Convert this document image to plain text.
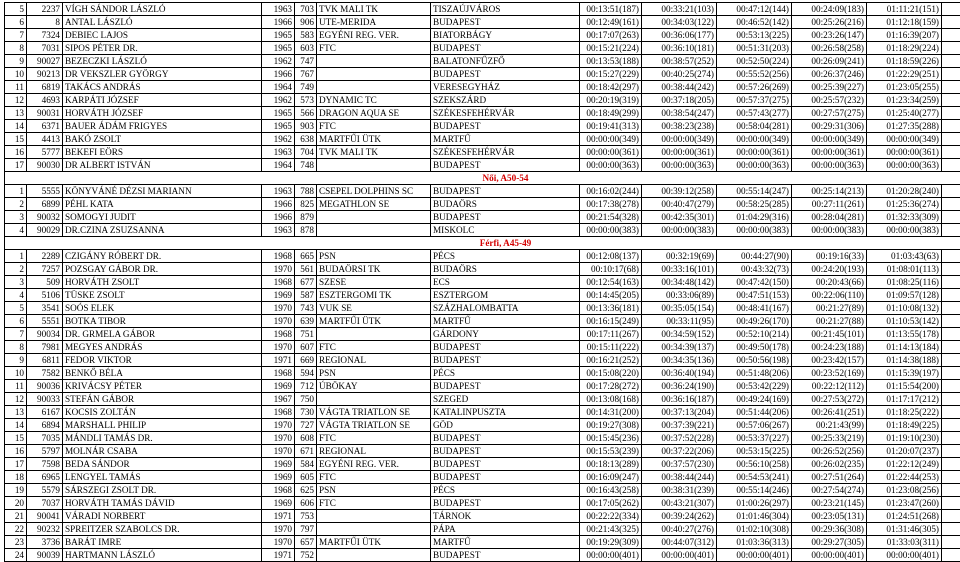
5	2237	VÍGH SÁNDOR LÁSZLÓ	1963	703	TVK MALI TK	TISZAÚJVÁROS	00:13:51(187)	00:33:21(103)	00:47:12(144)	00:24:09(183)	01:11:21(151)	
6	8	ANTAL LÁSZLÓ	1966	906	UTE-MERIDA	BUDAPEST	00:12:49(161)	00:34:03(122)	00:46:52(142)	00:25:26(216)	01:12:18(159)	
7	7324	DEBIEC LAJOS	1965	583	EGYÉNI REG. VER.	BIATORBÁGY	00:17:07(263)	00:36:06(177)	00:53:13(225)	00:23:26(147)	01:16:39(207)	
8	7031	SIPOS PÉTER DR.	1965	603	FTC	BUDAPEST	00:15:21(224)	00:36:10(181)	00:51:31(203)	00:26:58(258)	01:18:29(224)	
9	90027	BEZECZKI LÁSZLÓ	1962	747		BALATONFŰZFŐ	00:13:53(188)	00:38:57(252)	00:52:50(224)	00:26:09(241)	01:18:59(226)	
10	90213	DR VEKSZLER GYÖRGY	1966	767		BUDAPEST	00:15:27(229)	00:40:25(274)	00:55:52(256)	00:26:37(246)	01:22:29(251)	
11	6819	TAKÁCS ANDRÁS	1964	749		VERESEGYHÁZ	00:18:42(297)	00:38:44(242)	00:57:26(269)	00:25:39(227)	01:23:05(255)	
12	4693	KARPÁTI JÓZSEF	1962	573	DYNAMIC TC	SZEKSZÁRD	00:20:19(319)	00:37:18(205)	00:57:37(275)	00:25:57(232)	01:23:34(259)	
13	90031	HORVÁTH JÓZSEF	1965	566	DRAGON AQUA SE	SZÉKESFEHÉRVÁR	00:18:49(299)	00:38:54(247)	00:57:43(277)	00:27:57(275)	01:25:40(277)	
14	6371	BAUER ÁDÁM FRIGYES	1965	903	FTC	BUDAPEST	00:19:41(313)	00:38:23(238)	00:58:04(281)	00:29:31(306)	01:27:35(288)	
15	4413	BAKÓ ZSOLT	1962	638	MARTFŰI ÜTK	MARTFŰ	00:00:00(349)	00:00:00(349)	00:00:00(349)	00:00:00(349)	00:00:00(349)	
16	5777	BEKEFI EÖRS	1963	704	TVK MALI TK	SZÉKESFEHÉRVÁR	00:00:00(361)	00:00:00(361)	00:00:00(361)	00:00:00(361)	00:00:00(361)	
17	90030	DR ALBERT ISTVÁN	1964	748		BUDAPEST	00:00:00(363)	00:00:00(363)	00:00:00(363)	00:00:00(363)	00:00:00(363)	
Női, A50-54												
1	5555	KÖNYVÁNÉ DÉZSI MARIANN	1963	788	CSEPEL DOLPHINS SC	BUDAPEST	00:16:02(244)	00:39:12(258)	00:55:14(247)	00:25:14(213)	01:20:28(240)	
2	6899	PÉHL KATA	1966	825	MEGATHLON SE	BUDAÖRS	00:17:38(278)	00:40:47(279)	00:58:25(285)	00:27:11(261)	01:25:36(274)	
3	90032	SOMOGYI JUDIT	1966	879		BUDAPEST	00:21:54(328)	00:42:35(301)	01:04:29(316)	00:28:04(281)	01:32:33(309)	
4	90029	DR.CZINA ZSUZSANNA	1963	878		MISKOLC	00:00:00(383)	00:00:00(383)	00:00:00(383)	00:00:00(383)	00:00:00(383)	
Férfi, A45-49												
1	2289	CZIGÁNY RÓBERT DR.	1968	665	PSN	PÉCS	00:12:08(137)	00:32:19(69)	00:44:27(90)	00:19:16(33)	01:03:43(63)	
2	7257	POZSGAY GÁBOR DR.	1970	561	BUDAÖRSI TK	BUDAÖRS	00:10:17(68)	00:33:16(101)	00:43:32(73)	00:24:20(193)	01:08:01(113)	
3	509	HORVÁTH ZSOLT	1968	677	SZESE	ECS	00:12:54(163)	00:34:48(142)	00:47:42(150)	00:20:43(66)	01:08:25(116)	
4	5106	TÜSKE ZSOLT	1969	587	ESZTERGOMI TK	ESZTERGOM	00:14:45(205)	00:33:06(89)	00:47:51(153)	00:22:06(110)	01:09:57(128)	
5	3541	SOÓS ELEK	1970	743	VUK SE	SZÁZHALOMBATTA	00:13:36(181)	00:35:05(154)	00:48:41(167)	00:21:27(89)	01:10:08(132)	
6	5551	BOTKA TIBOR	1970	639	MARTFŰI ÜTK	MARTFŰ	00:16:15(249)	00:33:11(95)	00:49:26(170)	00:21:27(88)	01:10:53(142)	
7	90034	DR. GRMELA GÁBOR	1968	751		GÁRDONY	00:17:11(267)	00:34:59(152)	00:52:10(214)	00:21:45(101)	01:13:55(178)	
8	7981	MEGYES ANDRÁS	1970	607	FTC	BUDAPEST	00:15:11(222)	00:34:39(137)	00:49:50(178)	00:24:23(188)	01:14:13(184)	
9	6811	FEDOR VIKTOR	1971	669	REGIONAL	BUDAPEST	00:16:21(252)	00:34:35(136)	00:50:56(198)	00:23:42(157)	01:14:38(188)	
10	7582	BENKŐ BÉLA	1968	594	PSN	PÉCS	00:15:08(220)	00:36:40(194)	00:51:48(206)	00:23:52(169)	01:15:39(197)	
11	90036	KRIVÁCSY PÉTER	1969	712	ÚBÖKAY	BUDAPEST	00:17:28(272)	00:36:24(190)	00:53:42(229)	00:22:12(112)	01:15:54(200)	
12	90033	STEFÁN GÁBOR	1967	750		SZEGED	00:13:08(168)	00:36:16(187)	00:49:24(169)	00:27:53(272)	01:17:17(212)	
13	6167	KOCSIS ZOLTÁN	1968	730	VÁGTA TRIATLON SE	KATALINPUSZTA	00:14:31(200)	00:37:13(204)	00:51:44(206)	00:26:41(251)	01:18:25(222)	
14	6894	MARSHALL PHILIP	1970	727	VÁGTA TRIATLON SE	GÖD	00:19:27(308)	00:37:39(221)	00:57:06(267)	00:21:43(99)	01:18:49(225)	
15	7035	MÁNDLI TAMÁS DR.	1970	608	FTC	BUDAPEST	00:15:45(236)	00:37:52(228)	00:53:37(227)	00:25:33(219)	01:19:10(230)	
16	5797	MOLNÁR CSABA	1970	671	REGIONAL	BUDAPEST	00:15:53(239)	00:37:22(206)	00:53:15(225)	00:26:52(256)	01:20:07(237)	
17	7598	BEDA SÁNDOR	1969	584	EGYÉNI REG. VER.	BUDAPEST	00:18:13(289)	00:37:57(230)	00:56:10(258)	00:26:02(235)	01:22:12(249)	
18	6965	LENGYEL TAMÁS	1969	605	FTC	BUDAPEST	00:16:09(247)	00:38:44(244)	00:54:53(241)	00:27:51(264)	01:22:44(253)	
19	5579	SÁRSZEGI ZSOLT DR.	1968	625	PSN	PÉCS	00:16:43(258)	00:38:31(239)	00:55:14(246)	00:27:54(274)	01:23:08(256)	
20	7037	HORVÁTH TAMÁS DÁVID	1969	606	FTC	BUDAPEST	00:17:05(262)	00:43:21(307)	01:00:26(297)	00:23:21(145)	01:23:47(260)	
21	90041	VÁRADI NORBERT	1971	753		TÁRNOK	00:22:22(334)	00:39:24(262)	01:01:46(304)	00:23:05(131)	01:24:51(268)	
22	90232	SPREITZER SZABOLCS DR.	1970	797		PÁPA	00:21:43(325)	00:40:27(276)	01:02:10(308)	00:29:36(308)	01:31:46(305)	
23	3736	BARÁT IMRE	1970	657	MARTFŰI ÜTK	MARTFŰ	00:19:29(309)	00:44:07(312)	01:03:36(313)	00:29:27(305)	01:33:03(311)	
24	90039	HARTMANN LÁSZLÓ	1971	752		BUDAPEST	00:00:00(401)	00:00:00(401)	00:00:00(401)	00:00:00(401)	00:00:00(401)	
